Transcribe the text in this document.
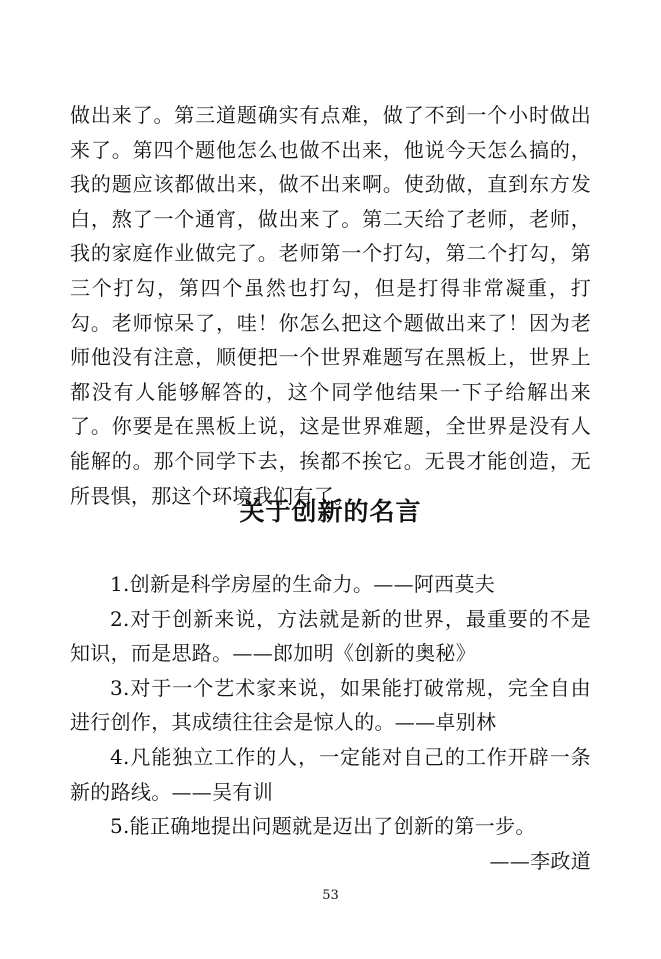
做出来了。第三道题确实有点难，做了不到一个小时做出来了。第四个题他怎么也做不出来，他说今天怎么搞的，我的题应该都做出来，做不出来啊。使劲做，直到东方发白，熬了一个通宵，做出来了。第二天给了老师，老师，我的家庭作业做完了。老师第一个打勾，第二个打勾，第三个打勾，第四个虽然也打勾，但是打得非常凝重，打勾。老师惊呆了，哇！你怎么把这个题做出来了！因为老师他没有注意，顺便把一个世界难题写在黑板上，世界上都没有人能够解答的，这个同学他结果一下子给解出来了。你要是在黑板上说，这是世界难题，全世界是没有人能解的。那个同学下去，挨都不挨它。无畏才能创造，无所畏惧，那这个环境我们有了。

关于创新的名言

1.创新是科学房屋的生命力。——阿西莫夫

2.对于创新来说，方法就是新的世界，最重要的不是知识，而是思路。——郎加明《创新的奥秘》

3.对于一个艺术家来说，如果能打破常规，完全自由进行创作，其成绩往往会是惊人的。——卓别林

4.凡能独立工作的人，一定能对自己的工作开辟一条新的路线。——吴有训

5.能正确地提出问题就是迈出了创新的第一步。

——李政道

53
